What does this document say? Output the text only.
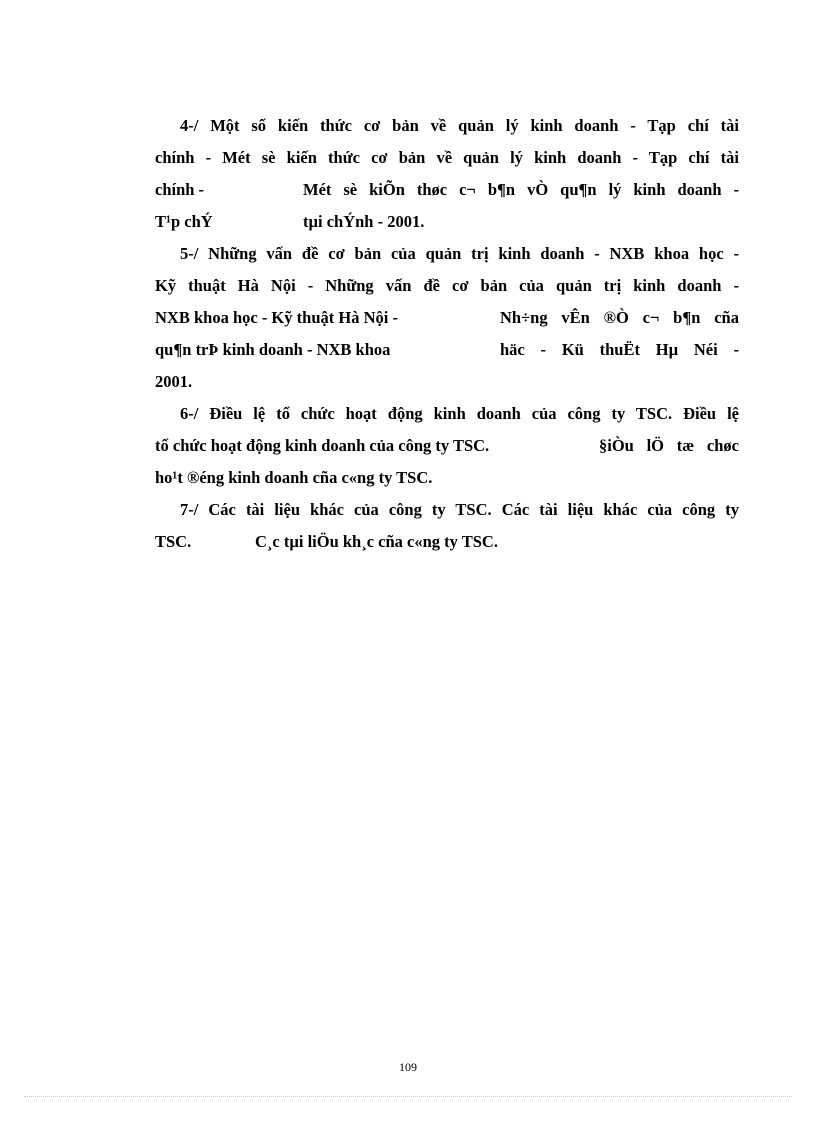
4-/ Một số kiến thức cơ bản về quản lý kinh doanh - Tạp chí tài
chính - Mét sè kiến thức cơ bản về quản lý kinh doanh - Tạp chí tài
chính -	Mét sè kiÕn thøc c¬ b¶n vÒ qu¶n lý kinh doanh -
T¹p chÝ	tµi chÝnh - 2001.
5-/ Những vấn đề cơ bản của quản trị kinh doanh - NXB khoa học -
Kỹ thuật Hà Nội - Những vấn đề cơ bản của quản trị kinh doanh -
NXB khoa học - Kỹ thuật Hà Nội -	Nh÷ng vÊn ®Ò c¬ b¶n cña
qu¶n trÞ kinh doanh - NXB khoa	häc - Kü thuËt Hµ Néi -
2001.
6-/ Điều lệ tổ chức hoạt động kinh doanh của công ty TSC. Điều lệ
tổ chức hoạt động kinh doanh của công ty TSC.	§iÒu lÖ tæ chøc
ho¹t ®éng kinh doanh cña c«ng ty TSC.
7-/ Các tài liệu khác của công ty TSC. Các tài liệu khác của công ty
TSC.	C¸c tµi liÖu kh¸c cña c«ng ty TSC.
109
